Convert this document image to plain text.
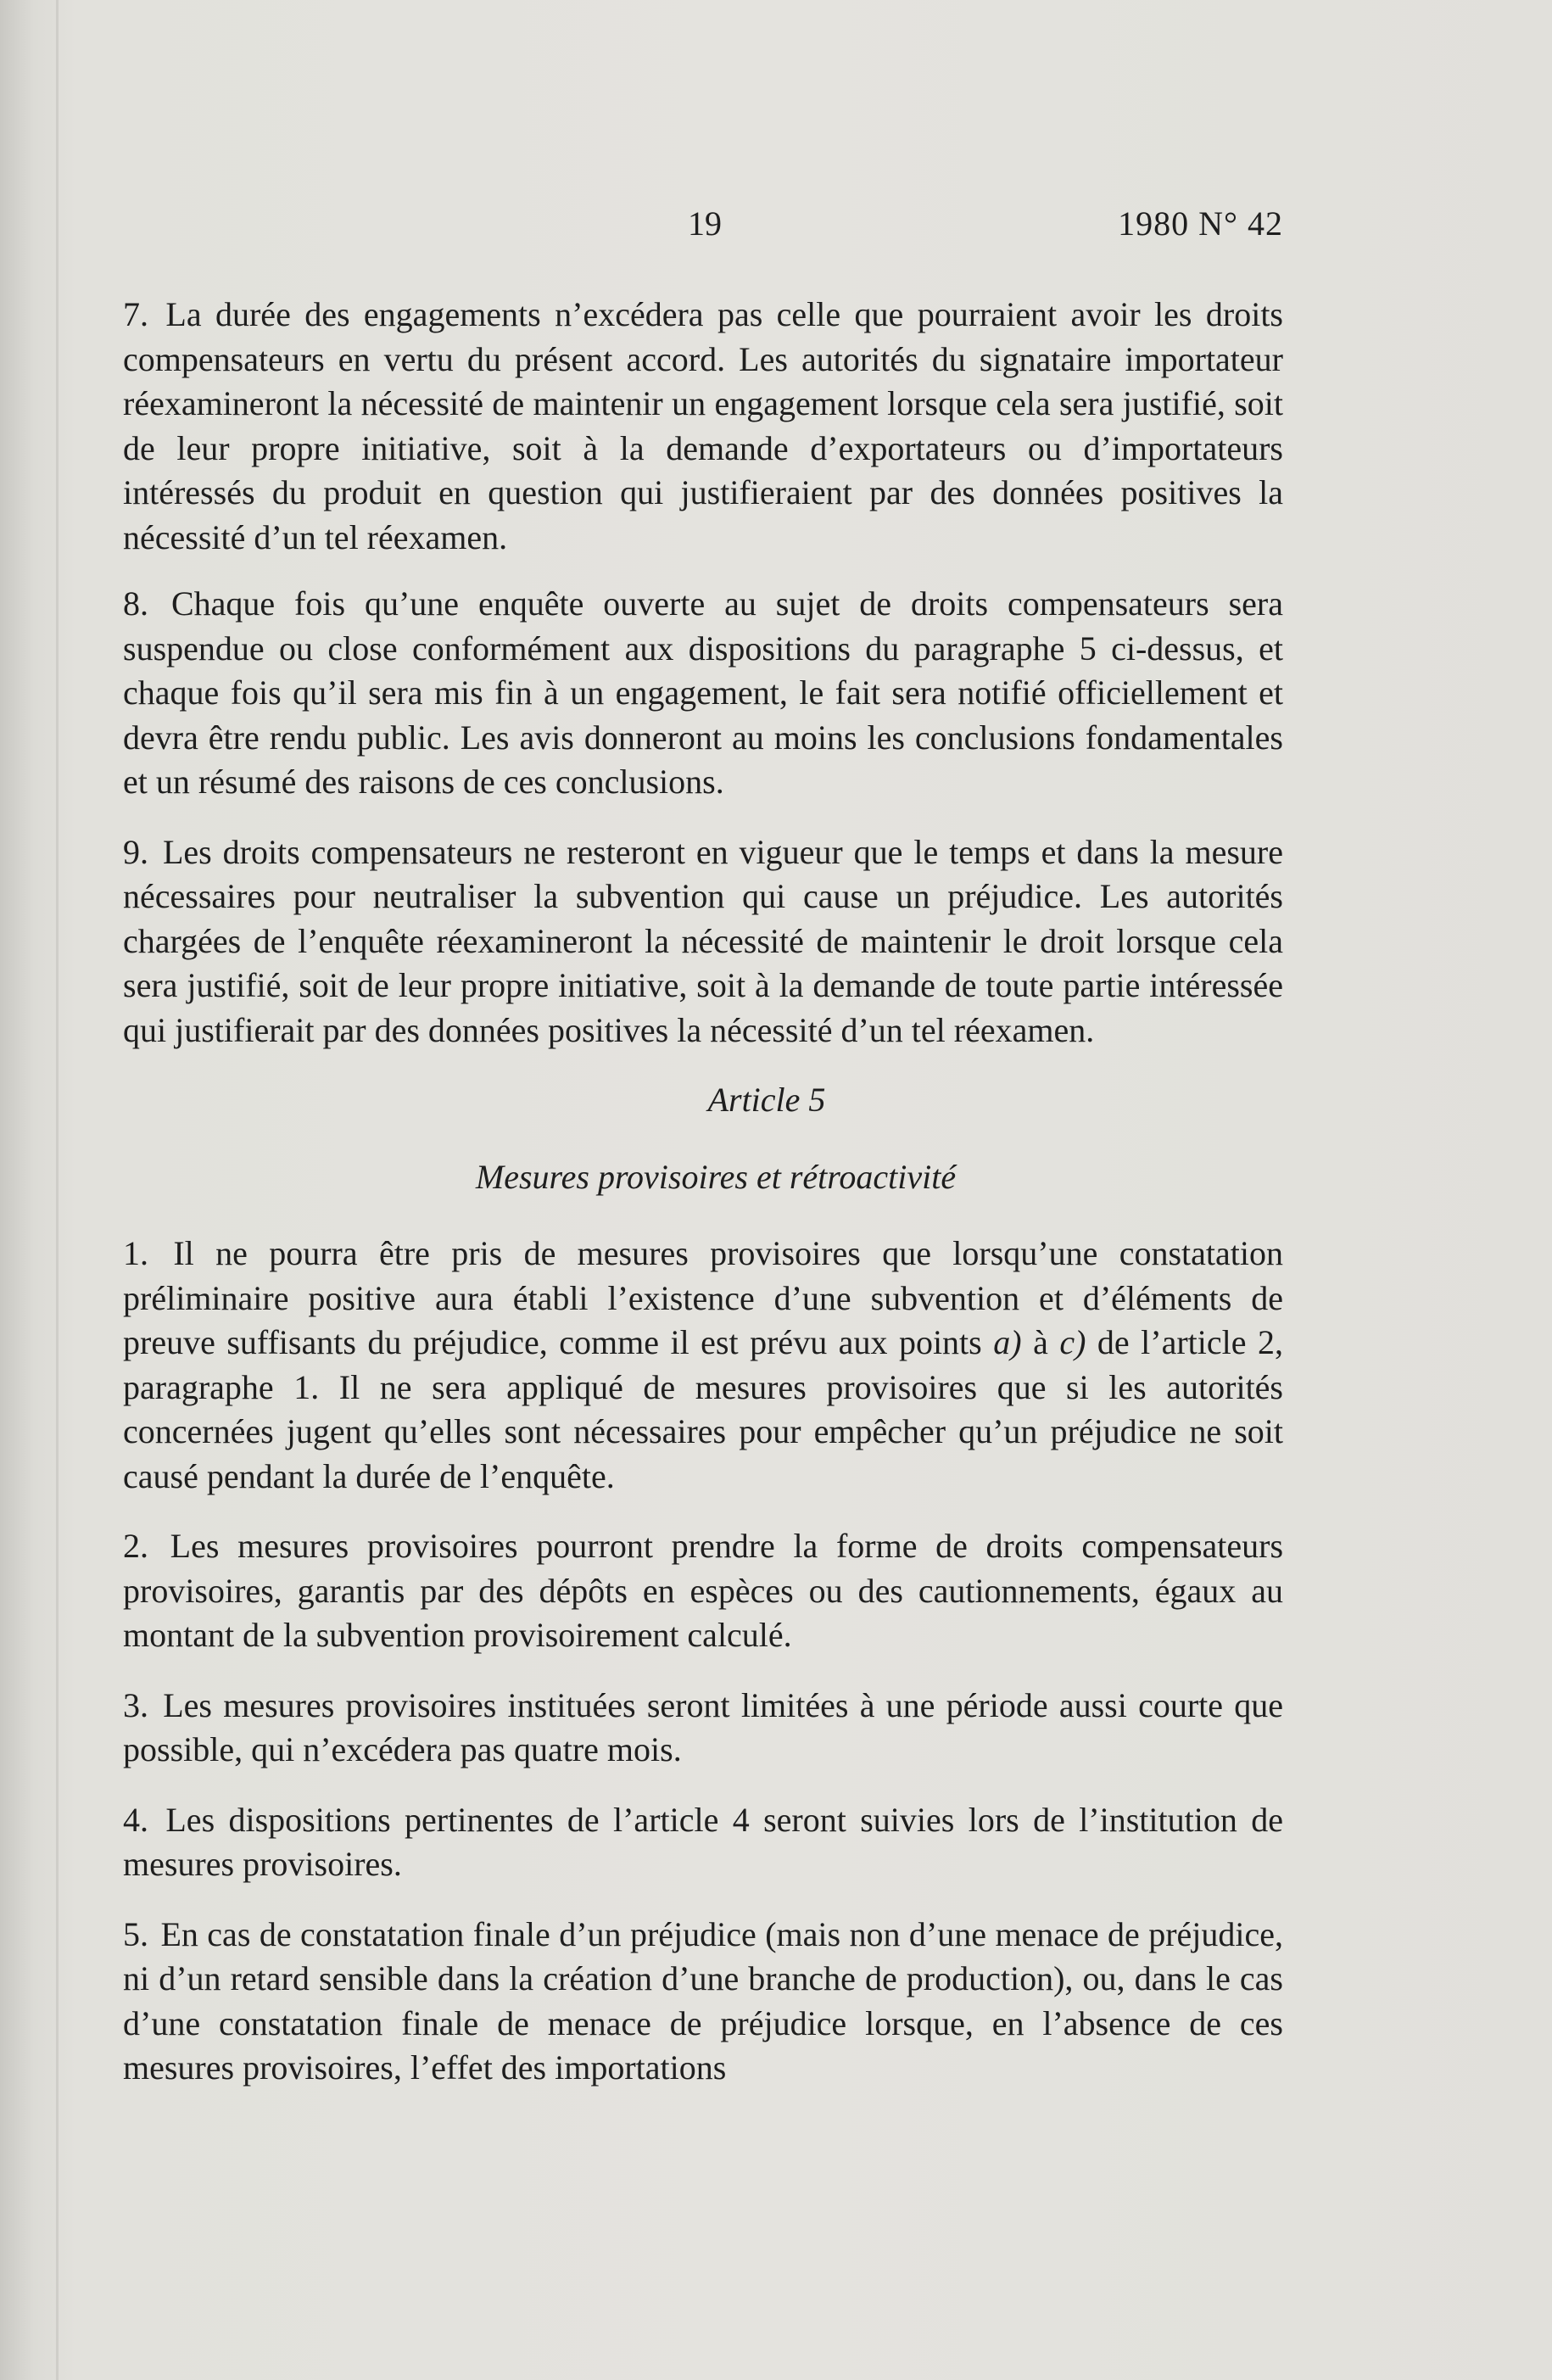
19	1980 N° 42

7. La durée des engagements n’excédera pas celle que pourraient avoir les droits compensateurs en vertu du présent accord. Les autorités du signataire importateur réexamineront la nécessité de maintenir un engagement lorsque cela sera justifié, soit de leur propre initiative, soit à la demande d’exportateurs ou d’importateurs intéressés du produit en question qui justifieraient par des données positives la nécessité d’un tel réexamen.

8. Chaque fois qu’une enquête ouverte au sujet de droits compensateurs sera suspendue ou close conformément aux dispositions du paragraphe 5 ci-dessus, et chaque fois qu’il sera mis fin à un engagement, le fait sera notifié officiellement et devra être rendu public. Les avis donneront au moins les conclusions fondamentales et un résumé des raisons de ces conclusions.

9. Les droits compensateurs ne resteront en vigueur que le temps et dans la mesure nécessaires pour neutraliser la subvention qui cause un préjudice. Les autorités chargées de l’enquête réexamineront la nécessité de maintenir le droit lorsque cela sera justifié, soit de leur propre initiative, soit à la demande de toute partie intéressée qui justifierait par des données positives la nécessité d’un tel réexamen.

Article 5
Mesures provisoires et rétroactivité

1. Il ne pourra être pris de mesures provisoires que lorsqu’une constatation préliminaire positive aura établi l’existence d’une subvention et d’éléments de preuve suffisants du préjudice, comme il est prévu aux points a) à c) de l’article 2, paragraphe 1. Il ne sera appliqué de mesures provisoires que si les autorités concernées jugent qu’elles sont nécessaires pour empêcher qu’un préjudice ne soit causé pendant la durée de l’enquête.

2. Les mesures provisoires pourront prendre la forme de droits compensateurs provisoires, garantis par des dépôts en espèces ou des cautionnements, égaux au montant de la subvention provisoirement calculé.

3. Les mesures provisoires instituées seront limitées à une période aussi courte que possible, qui n’excédera pas quatre mois.

4. Les dispositions pertinentes de l’article 4 seront suivies lors de l’institution de mesures provisoires.

5. En cas de constatation finale d’un préjudice (mais non d’une menace de préjudice, ni d’un retard sensible dans la création d’une branche de production), ou, dans le cas d’une constatation finale de menace de préjudice lorsque, en l’absence de ces mesures provisoires, l’effet des importations
